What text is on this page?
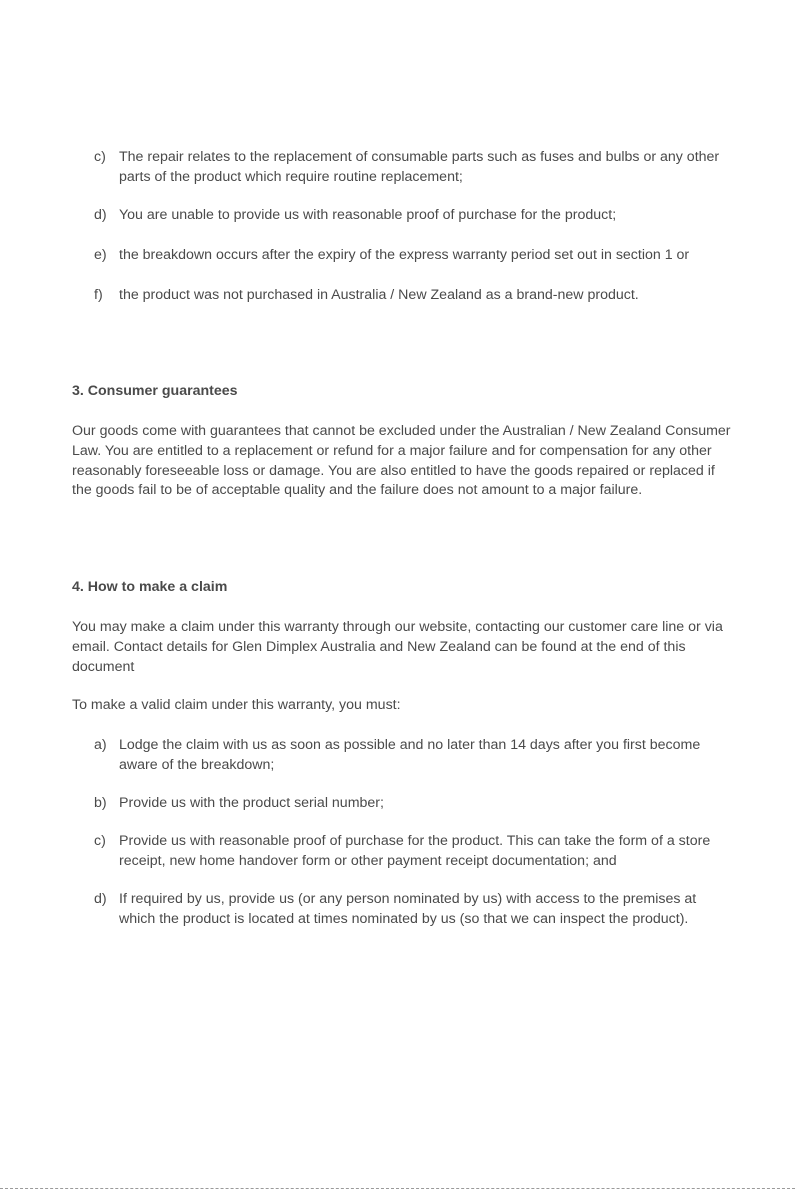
c) The repair relates to the replacement of consumable parts such as fuses and bulbs or any other parts of the product which require routine replacement;
d) You are unable to provide us with reasonable proof of purchase for the product;
e) the breakdown occurs after the expiry of the express warranty period set out in section 1 or
f)	the product was not purchased in Australia / New Zealand as a brand-new product.
3. Consumer guarantees
Our goods come with guarantees that cannot be excluded under the Australian / New Zealand Consumer Law. You are entitled to a replacement or refund for a major failure and for compensation for any other reasonably foreseeable loss or damage. You are also entitled to have the goods repaired or replaced if the goods fail to be of acceptable quality and the failure does not amount to a major failure.
4. How to make a claim
You may make a claim under this warranty through our website, contacting our customer care line or via email. Contact details for Glen Dimplex Australia and New Zealand can be found at the end of this document
To make a valid claim under this warranty, you must:
a) Lodge the claim with us as soon as possible and no later than 14 days after you first become aware of the breakdown;
b) Provide us with the product serial number;
c) Provide us with reasonable proof of purchase for the product. This can take the form of a store receipt, new home handover form or other payment receipt documentation; and
d) If required by us, provide us (or any person nominated by us) with access to the premises at which the product is located at times nominated by us (so that we can inspect the product).
